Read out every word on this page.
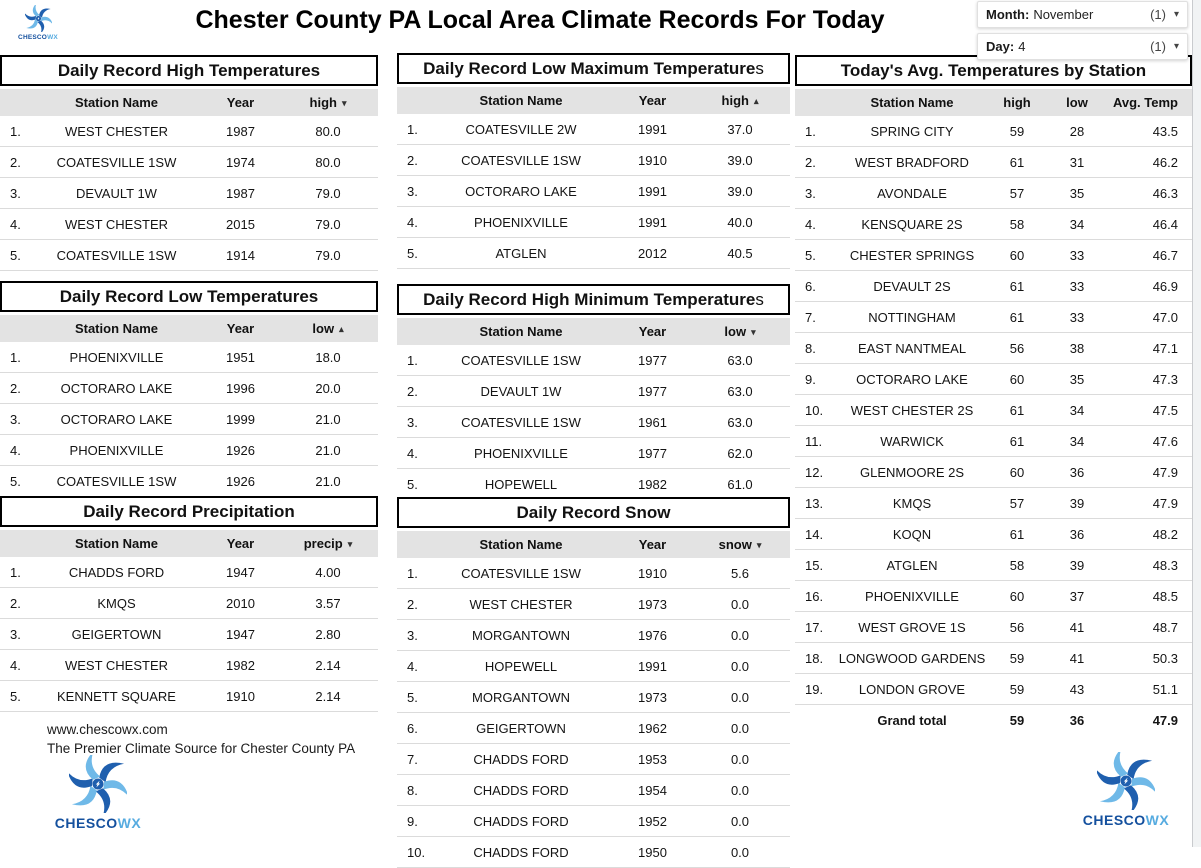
CHESCOWX
Chester County PA Local Area Climate Records For Today	Month: November	(1) ▾
Day: 4	(1) ▾
Daily Record High Temperatures
Station Name	Year	high ▾
1.	WEST CHESTER	1987	80.0
2.	COATESVILLE 1SW	1974	80.0
3.	DEVAULT 1W	1987	79.0
4.	WEST CHESTER	2015	79.0
5.	COATESVILLE 1SW	1914	79.0
Daily Record Low Temperatures
Station Name	Year	low ▴
1.	PHOENIXVILLE	1951	18.0
2.	OCTORARO LAKE	1996	20.0
3.	OCTORARO LAKE	1999	21.0
4.	PHOENIXVILLE	1926	21.0
5.	COATESVILLE 1SW	1926	21.0
Daily Record Precipitation
Station Name	Year	precip ▾
1.	CHADDS FORD	1947	4.00
2.	KMQS	2010	3.57
3.	GEIGERTOWN	1947	2.80
4.	WEST CHESTER	1982	2.14
5.	KENNETT SQUARE	1910	2.14
Daily Record Low Maximum Temperature s
Station Name	Year	high ▴
1.	COATESVILLE 2W	1991	37.0
2.	COATESVILLE 1SW	1910	39.0
3.	OCTORARO LAKE	1991	39.0
4.	PHOENIXVILLE	1991	40.0
5.	ATGLEN	2012	40.5
Daily Record High Minimum Temperature s
Station Name	Year	low ▾
1.	COATESVILLE 1SW	1977	63.0
2.	DEVAULT 1W	1977	63.0
3.	COATESVILLE 1SW	1961	63.0
4.	PHOENIXVILLE	1977	62.0
5.	HOPEWELL	1982	61.0
Daily Record Snow
Station Name	Year	snow ▾
1.	COATESVILLE 1SW	1910	5.6
2.	WEST CHESTER	1973	0.0
3.	MORGANTOWN	1976	0.0
4.	HOPEWELL	1991	0.0
5.	MORGANTOWN	1973	0.0
6.	GEIGERTOWN	1962	0.0
7.	CHADDS FORD	1953	0.0
8.	CHADDS FORD	1954	0.0
9.	CHADDS FORD	1952	0.0
10.	CHADDS FORD	1950	0.0
Today's Avg. Temperatures by Station
Station Name	high	low	Avg. Temp
1.	SPRING CITY	59	28	43.5
2.	WEST BRADFORD	61	31	46.2
3.	AVONDALE	57	35	46.3
4.	KENSQUARE 2S	58	34	46.4
5.	CHESTER SPRINGS	60	33	46.7
6.	DEVAULT 2S	61	33	46.9
7.	NOTTINGHAM	61	33	47.0
8.	EAST NANTMEAL	56	38	47.1
9.	OCTORARO LAKE	60	35	47.3
10.	WEST CHESTER 2S	61	34	47.5
11.	WARWICK	61	34	47.6
12.	GLENMOORE 2S	60	36	47.9
13.	KMQS	57	39	47.9
14.	KOQN	61	36	48.2
15.	ATGLEN	58	39	48.3
16.	PHOENIXVILLE	60	37	48.5
17.	WEST GROVE 1S	56	41	48.7
18.	LONGWOOD GARDENS	59	41	50.3
19.	LONDON GROVE	59	43	51.1
Grand total	59	36	47.9
www.chescowx.com
The Premier Climate Source for Chester County PA
CHESCOWX	CHESCOWX
